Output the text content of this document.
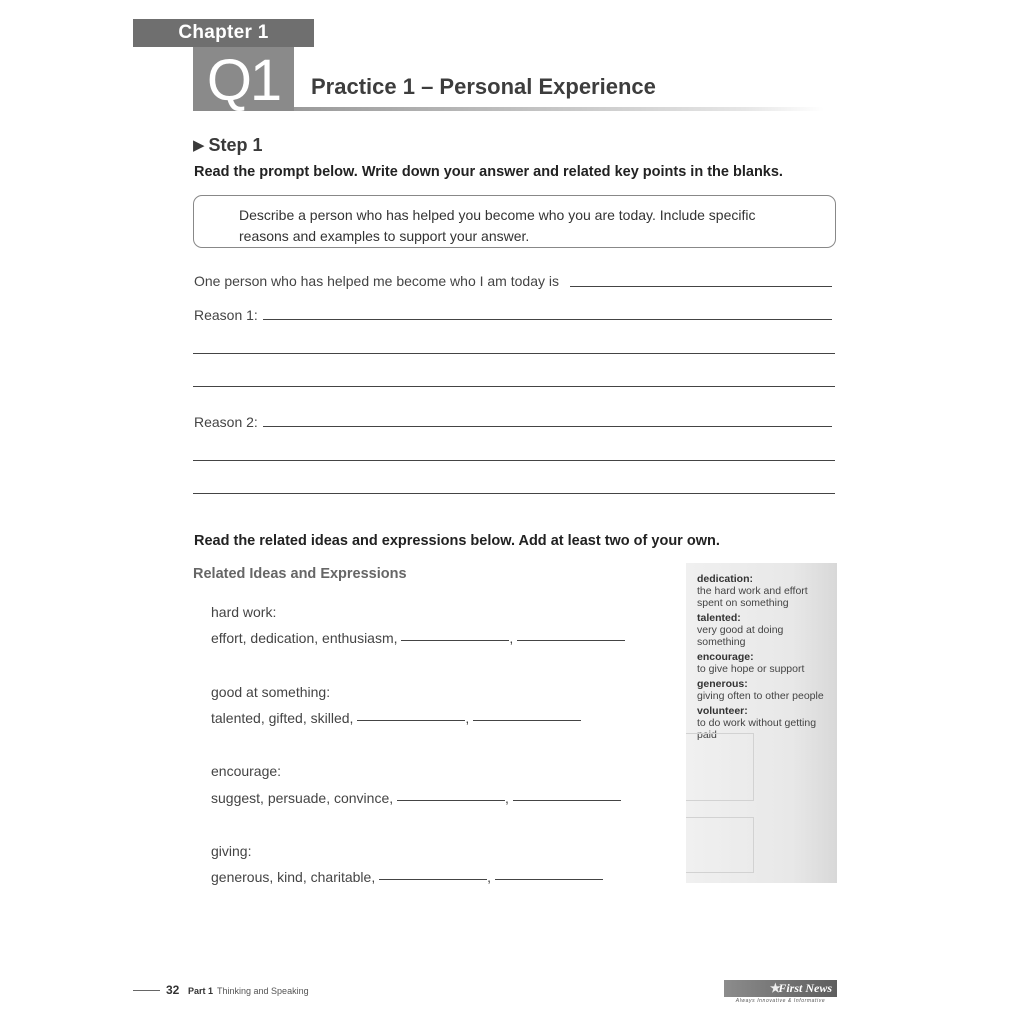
Chapter 1
Q1	Practice 1 – Personal Experience
▶ Step 1
Read the prompt below. Write down your answer and related key points in the blanks.
Describe a person who has helped you become who you are today. Include specific reasons and examples to support your answer.
One person who has helped me become who I am today is
Reason 1:
Reason 2:
Read the related ideas and expressions below. Add at least two of your own.
Related Ideas and Expressions
hard work:
effort, dedication, enthusiasm,	,
good at something:
talented, gifted, skilled,	,
encourage:
suggest, persuade, convince,	,
giving:
generous, kind, charitable,	,
dedication:
the hard work and effort spent on something
talented:
very good at doing something
encourage:
to give hope or support
generous:
giving often to other people
volunteer:
to do work without getting paid
32 Part 1 Thinking and Speaking	★
First News
Always Innovative & Informative
